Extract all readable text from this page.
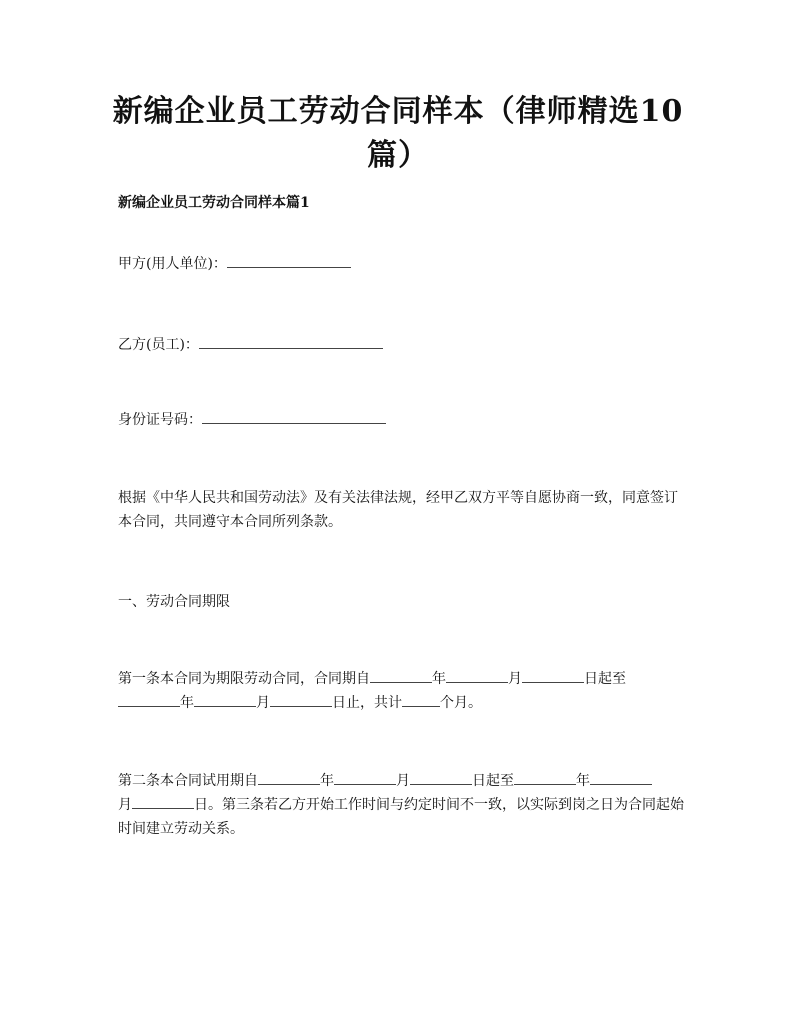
新编企业员工劳动合同样本（律师精选10篇）
新编企业员工劳动合同样本篇1
甲方(用人单位)：
乙方(员工)：
身份证号码：
根据《中华人民共和国劳动法》及有关法律法规，经甲乙双方平等自愿协商一致，同意签订本合同，共同遵守本合同所列条款。
一、劳动合同期限
第一条本合同为期限劳动合同，合同期自	年	月	日起至
年	月	日止，共计	个月。
第二条本合同试用期自	年	月	日起至	年
月	日。第三条若乙方开始工作时间与约定时间不一致，以实际到岗之日为合同起始时间建立劳动关系。
